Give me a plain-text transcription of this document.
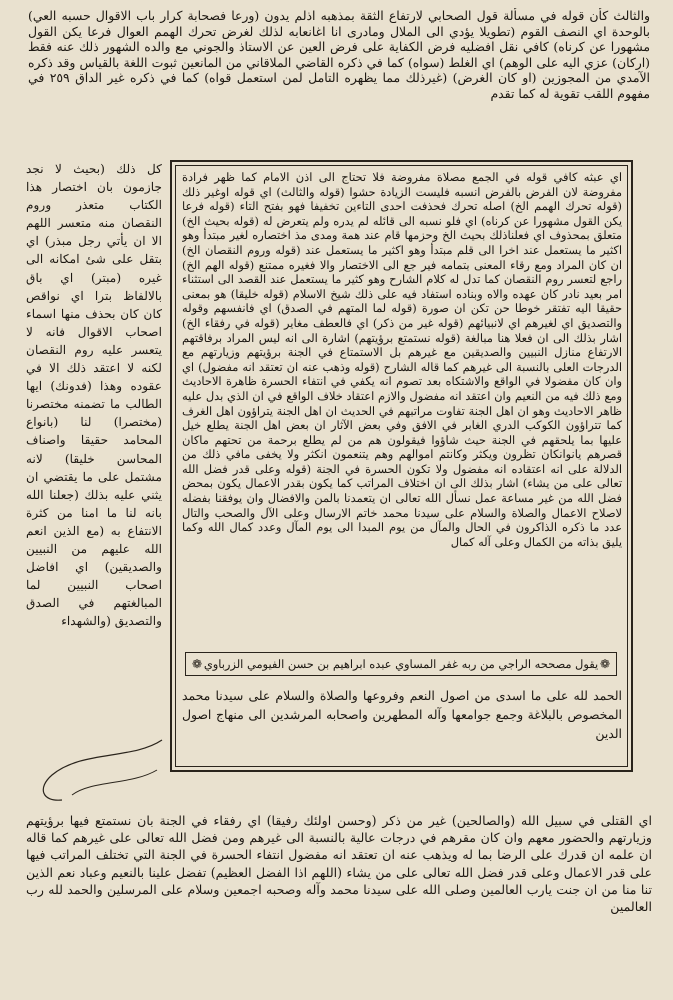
والثالث كأن قوله في مسألة قول الصحابي لارتفاع الثقة بمذهبه اذلم يدون (ورعا فصحابة كرار باب الاقوال حسبه العي) بالوحدة اي النصف القوم (تطويلا يؤدي الى الملال ومادرى انا اغانعابه لذلك لغرض تحرك الهمم العوال فرعا يكن القول مشهورا عن كرناه) كافي نقل افضليه فرض الكفاية على فرض العين عن الاستاذ والجوني مع والده الشهور ذلك عنه فقط (اركان) عزي اليه على الوهم) اي الغلط (سواه) كما في ذكره القاضي الملاقاني من المانعين ثبوت اللغة بالقياس وقد ذكره الآمدي من المجوزين (او كان الغرض) (غيرذلك مما يظهره التامل لمن استعمل قواه) كما في ذكره غير الداق ٢٥٩ في مفهوم اللقب تقوية له كما تقدم
اي عبثه كافي قوله في الجمع مصلاة مفروضة فلا تحتاج الى اذن الامام كما ظهر فرادة مفروضة لان الفرض بالفرض انسبه فليست الزيادة حشوا (قوله والثالث) اي قوله اوغير ذلك (قوله تحرك الهمم الخ) اصله تحرك فحذفت احدى التاءين تخفيفا فهو بفتح التاء (قوله فرعا يكن القول مشهورا عن كرناه) اي فلو نسبه الى قائله لم يدره ولم يتعرض له (قوله بحيث الخ) متعلق بمحذوف اي فعلناذلك بحيث الخ وحزمها قام عند همة ومدى مذ اختصاره لغير مبتدأ وهو اكثير ما يستعمل عند اخرا الى قلم مبتدأ وهو اكثير ما يستعمل عند (قوله وروم النقصان الخ) ان كان المراد ومع رقاء المعنى بتمامه فير جع الى الاختصار والا فغيره ممتنع (قوله الهم الخ) راجع لتعسر روم النقصان كما تدل له كلام الشارح وهو كثير ما يستعمل عند القصد الى استثناء امر بعيد نادر كان عهده والاه وبناده استفاد فيه على ذلك شيخ الاسلام (قوله خليقا) هو بمعنى حقيقا اليه تفتقر خوطا حن تكن ان صورة (قوله لما المتهم في الصدق) اي فانفسهم وقوله والتصديق اي لغيرهم اي لانبيائهم (قوله غير من ذكر) اي فالعطف مغاير (قوله في رفقاء الخ) اشار بذلك الى ان فعلا هنا مبالغة (قوله نستمتع برؤيتهم) اشارة الى انه ليس المراد برفاقتهم الارتفاع منازل النبيين والصديقين مع غيرهم بل الاستمتاع في الجنة برؤيتهم وزيارتهم مع الدرجات العلى بالنسبة الى غيرهم كما قاله الشارح (قوله وذهب عنه ان تعتقد انه مفضول) اي وان كان مفضولا في الواقع والاشتكاه بعد تصوم انه يكفي في انتفاء الحسرة ظاهرة الاحاديث ومع ذلك فيه من النعيم وان اعتقد انه مفضول والازم اعتقاد خلاف الواقع في ان الذي بدل عليه ظاهر الاحاديث وهو ان اهل الجنة تفاوت مراتبهم في الحديث ان اهل الجنة يتراؤون اهل الغرف كما تتراؤون الكوكب الدري الغابر في الافق وفي بعض الآثار ان بعض اهل الجنة يطلع خيل عليها بما يلحقهم في الجنة حيث شاؤوا فيقولون هم من لم يطلع برحمة من تحتهم ماكان قصرهم يانوانكان تظرون ويكثر وكانتم اموالهم وهم يتنعمون انكثر ولا يخفى مافي ذلك من الدلالة على انه اعتقاده انه مفضول ولا تكون الحسرة في الجنة (قوله وعلى قدر فضل الله تعالى على من يشاء) اشار بذلك الى ان اختلاف المراتب كما يكون بقدر الاعمال يكون بمحض فضل الله من غير مساعة عمل نسأل الله تعالى ان يتعمدنا بالمن والافضال وان يوفقنا بفضله لاصلاح الاعمال والصلاة والسلام على سيدنا محمد خاتم الارسال وعلى الآل والصحب والتال عدد ما ذكره الذاكرون في الحال والمآل من يوم المبدا الى يوم المآل وعدد كمال الله وكما يليق بذاته من الكمال وعلى آله كمال
❁
يقول مصححه الراجي من ربه غفر المساوي عبده ابراهيم بن حسن الفيومي الزرباوي
❁
الحمد لله على ما اسدى من اصول النعم وفروعها والصلاة والسلام على سيدنا محمد المخصوص بالبلاغة وجمع جوامعها وآله المطهرين واصحابه المرشدين الى منهاج اصول الدين
كل ذلك (بحيث لا نجد جازمون بان اختصار هذا الكتاب متعذر وروم النقصان منه متعسر اللهم الا ان يأتي رجل مبذر) اي بتقل على شئ امكانه الى غيره (مبتر) اي باق بالالفاظ بترا اي نواقص كان كان بحذف منها اسماء اصحاب الاقوال فانه لا يتعسر عليه روم النقصان لكنه لا اعتقد ذلك الا في عقوده وهذا (فدونك) ايها الطالب ما تضمنه مختصرنا (مختصرا) لنا (بانواع المحامد حقيقا واصناف المحاسن خليقا) لانه مشتمل على ما يقتضي ان يثني عليه بذلك (جعلنا الله بانه لنا ما امنا من كثرة الانتفاع به (مع الذين انعم الله عليهم من النبيين والصديقين) اي افاضل اصحاب النبيين لما المبالغتهم في الصدق والتصديق (والشهداء
اي القتلى في سبيل الله (والصالحين) غير من ذكر (وحسن اولئك رفيقا) اي رفقاء في الجنة بان نستمتع فيها برؤيتهم وزيارتهم والحضور معهم وان كان مقرهم في درجات عالية بالنسبة الى غيرهم ومن فضل الله تعالى على غيرهم كما قاله ان علمه ان قدرك على الرضا بما له ويذهب عنه ان تعتقد انه مفضول انتفاء الحسرة في الجنة التي تختلف المراتب فيها على قدر الاعمال وعلى قدر فضل الله تعالى على من يشاء (اللهم اذا الفضل العظيم) تفضل علينا بالنعيم وعباد نعم الذين تنا منا من ان جنت يارب العالمين وصلى الله على سيدنا محمد وآله وصحبه اجمعين وسلام على المرسلين والحمد لله رب العالمين
